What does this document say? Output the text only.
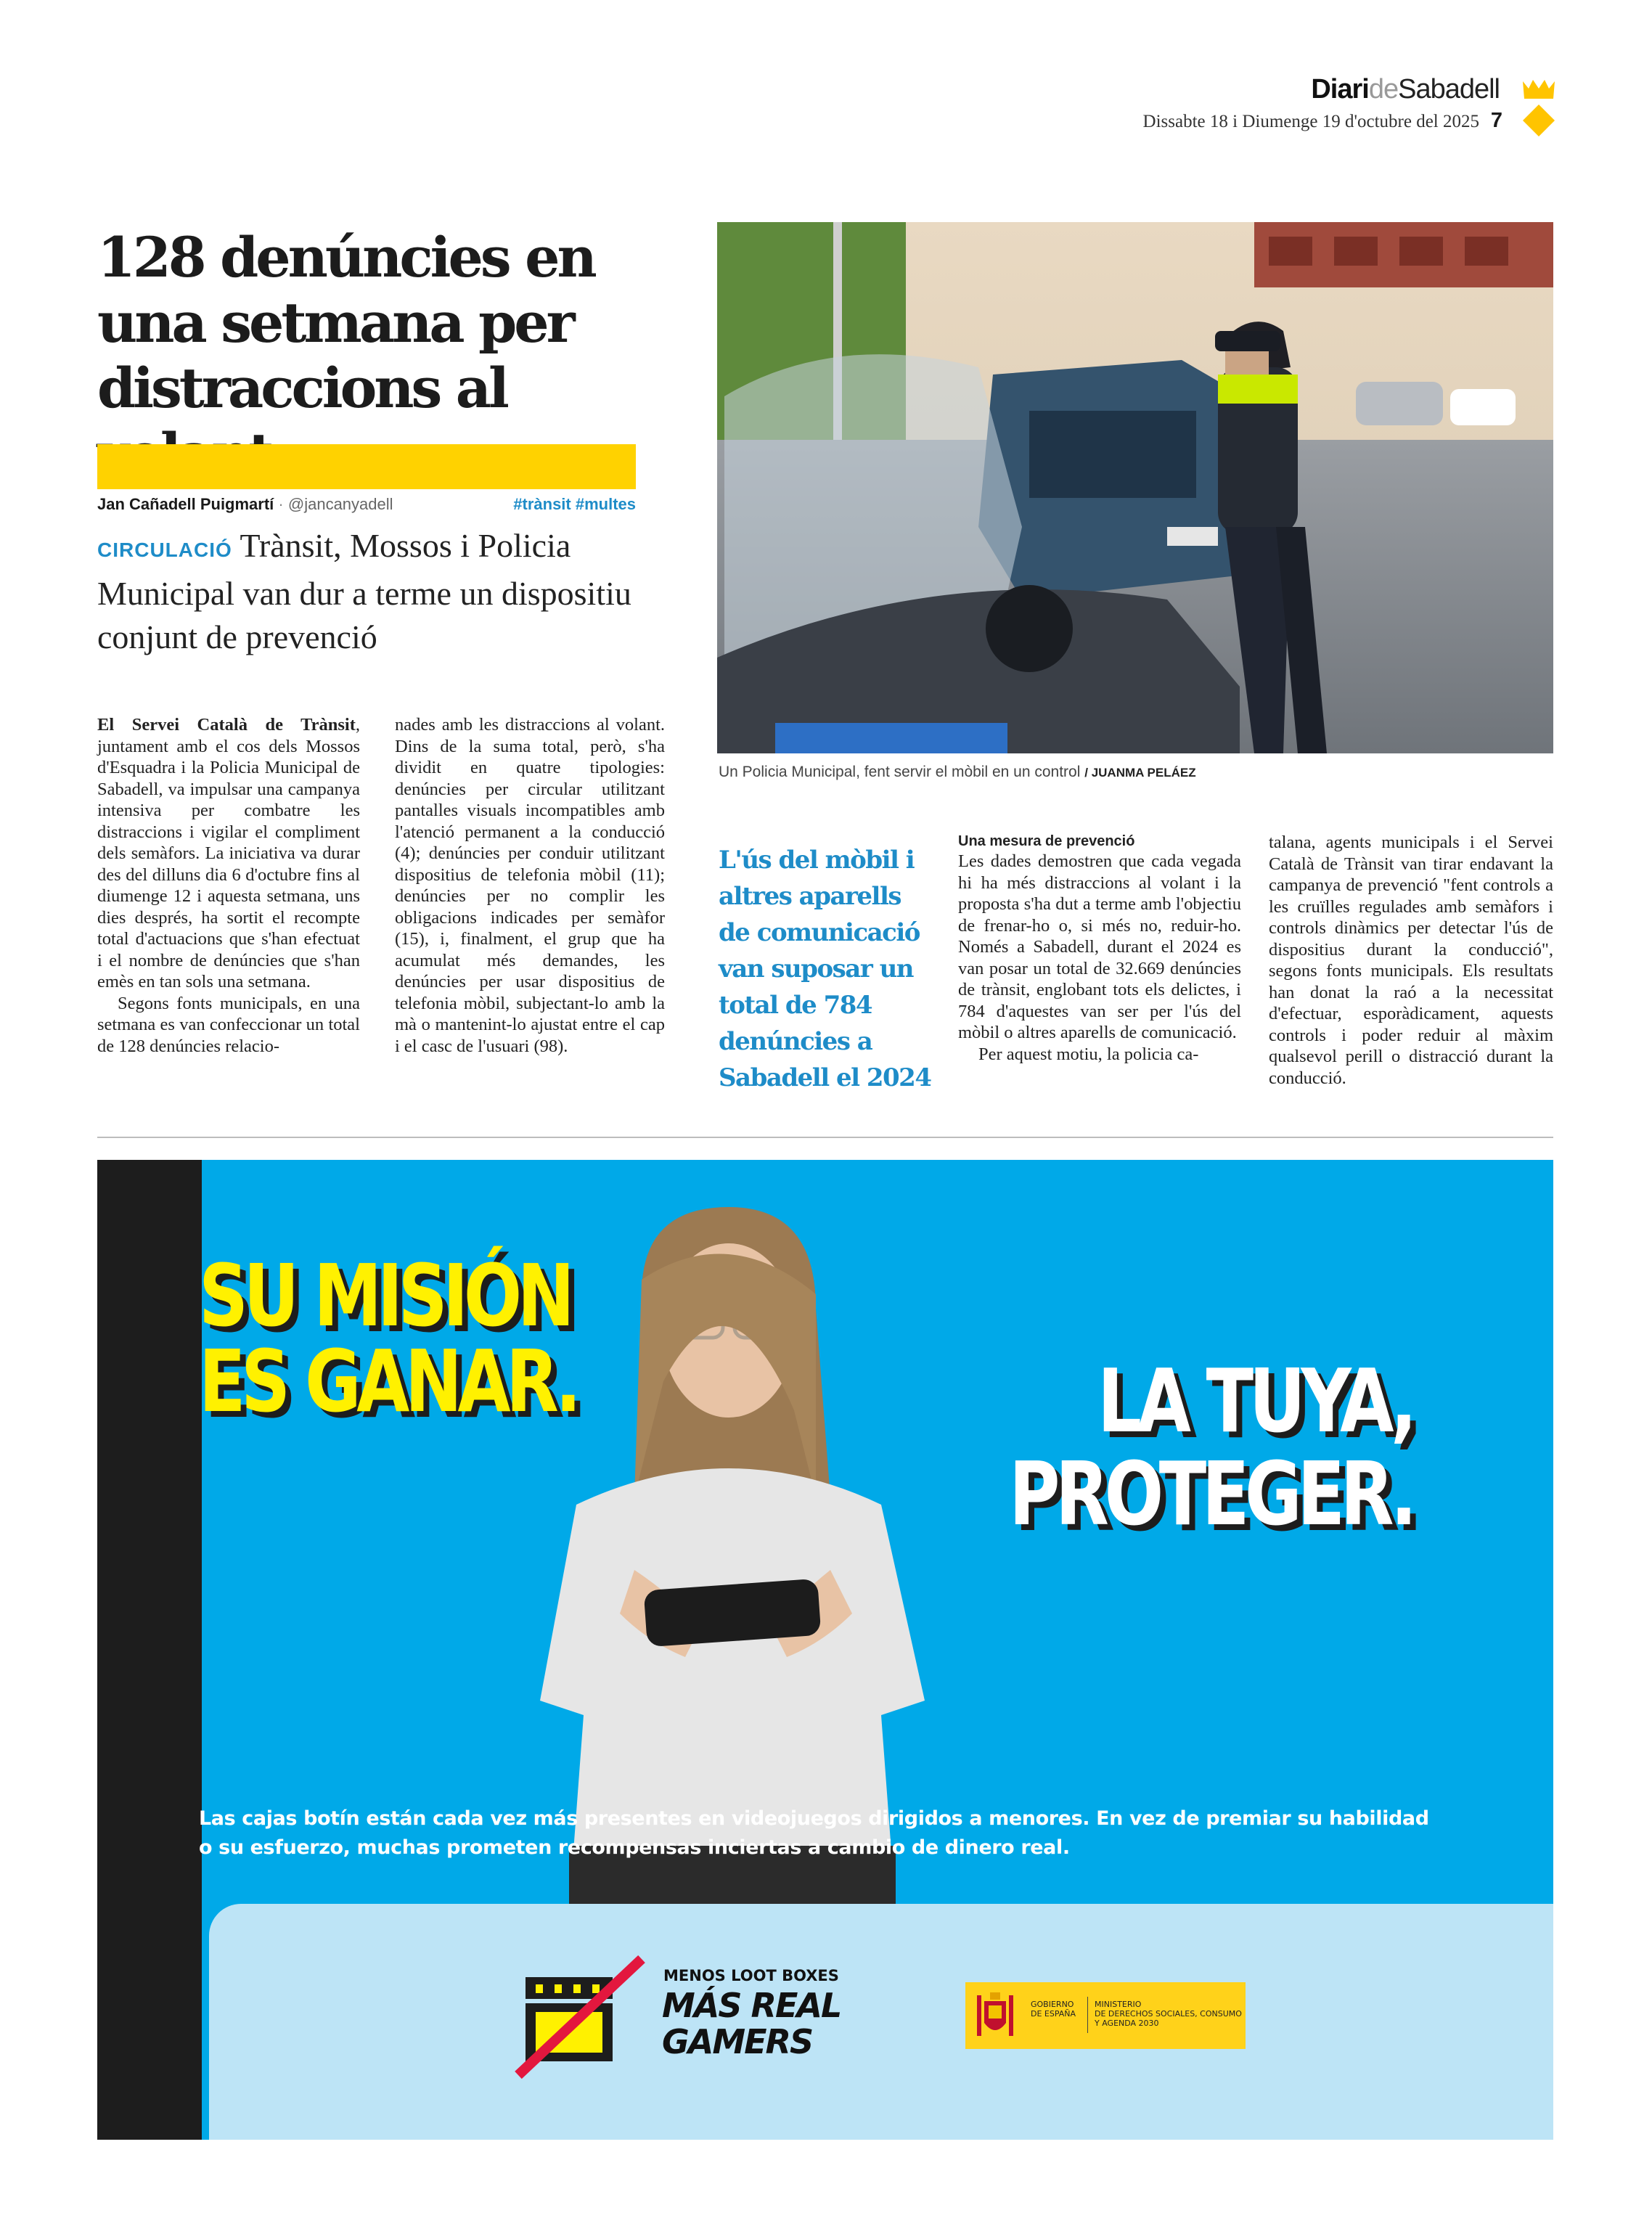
DiarideSabadell
Dissabte 18 i Diumenge 19 d'octubre del 2025 7
128 denúncies en
una setmana per
distraccions al
Jan Cañadell Puigmartí · @jancanyadell	#trànsit #multes
CIRCULACIÓ Trànsit, Mossos i Policia Municipal van dur a terme un dispositiu conjunt de prevenció
Un Policia Municipal, fent servir el mòbil en un control / JUANMA PELÁEZ

El Servei Català de Trànsit, juntament amb el cos dels Mossos d'Esquadra i la Policia Municipal de Sabadell, va impulsar una campanya intensiva per combatre les distraccions i vigilar el compliment dels semàfors. La iniciativa va durar des del dilluns dia 6 d'octubre fins al diumenge 12 i aquesta setmana, uns dies després, ha sortit el recompte total d'actuacions que s'han efectuat i el nombre de denúncies que s'han emès en tan sols una setmana.

Segons fonts municipals, en una setmana es van confeccionar un total de 128 denúncies relacio-

nades amb les distraccions al volant. Dins de la suma total, però, s'ha dividit en quatre tipologies: denúncies per circular utilitzant pantalles visuals incompatibles amb l'atenció permanent a la conducció (4); denúncies per conduir utilitzant dispositius de telefonia mòbil (11); denúncies per no complir les obligacions indicades per semàfor (15), i, finalment, el grup que ha acumulat més demandes, les denúncies per usar dispositius de telefonia mòbil, subjectant-lo amb la mà o mantenint-lo ajustat entre el cap i el casc de l'usuari (98).

L'ús del mòbil i altres aparells de comunicació van suposar un total de 784 denúncies a Sabadell el 2024
Una mesura de prevenció

Les dades demostren que cada vegada hi ha més distraccions al volant i la proposta s'ha dut a terme amb l'objectiu de frenar-ho o, si més no, reduir-ho. Només a Sabadell, durant el 2024 es van posar un total de 32.669 denúncies de trànsit, englobant tots els delictes, i 784 d'aquestes van ser per l'ús del mòbil o altres aparells de comunicació.

Per aquest motiu, la policia ca-

talana, agents municipals i el Servei Català de Trànsit van tirar endavant la campanya de prevenció "fent controls a les cruïlles regulades amb semàfors i controls dinàmics per detectar l'ús de dispositius durant la conducció", segons fonts municipals. Els resultats han donat la raó a la necessitat d'efectuar, esporàdicament, aquests controls i poder reduir al màxim qualsevol perill o distracció durant la conducció.

SU MISIÓN
ES GANAR.	LA TUYA,
PROTEGER.
Las cajas botín están cada vez más presentes en videojuegos dirigidos a menores. En vez de premiar su habilidad o su esfuerzo, muchas prometen recompensas inciertas a cambio de dinero real.
MENOS LOOT BOXES
MÁS REAL
GAMERS
GOBIERNO
DE ESPAÑA
MINISTERIO
DE DERECHOS SOCIALES, CONSUMO
Y AGENDA 2030
